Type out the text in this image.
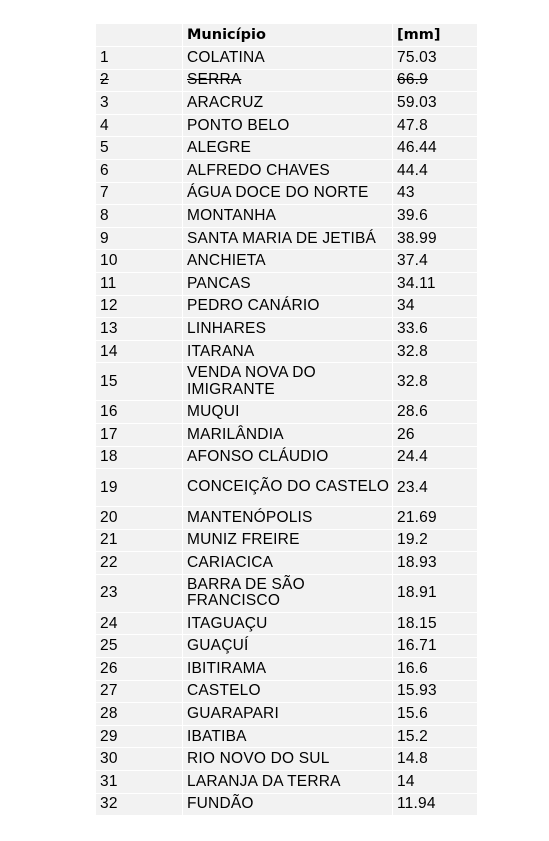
	Município	[mm]
1	COLATINA	75.03
2	SERRA	66.9
3	ARACRUZ	59.03
4	PONTO BELO	47.8
5	ALEGRE	46.44
6	ALFREDO CHAVES	44.4
7	ÁGUA DOCE DO NORTE	43
8	MONTANHA	39.6
9	SANTA MARIA DE JETIBÁ	38.99
10	ANCHIETA	37.4
11	PANCAS	34.11
12	PEDRO CANÁRIO	34
13	LINHARES	33.6
14	ITARANA	32.8
15	VENDA NOVA DO IMIGRANTE	32.8
16	MUQUI	28.6
17	MARILÂNDIA	26
18	AFONSO CLÁUDIO	24.4
19	CONCEIÇÃO DO CASTELO	23.4
20	MANTENÓPOLIS	21.69
21	MUNIZ FREIRE	19.2
22	CARIACICA	18.93
23	BARRA DE SÃO FRANCISCO	18.91
24	ITAGUAÇU	18.15
25	GUAÇUÍ	16.71
26	IBITIRAMA	16.6
27	CASTELO	15.93
28	GUARAPARI	15.6
29	IBATIBA	15.2
30	RIO NOVO DO SUL	14.8
31	LARANJA DA TERRA	14
32	FUNDÃO	11.94
